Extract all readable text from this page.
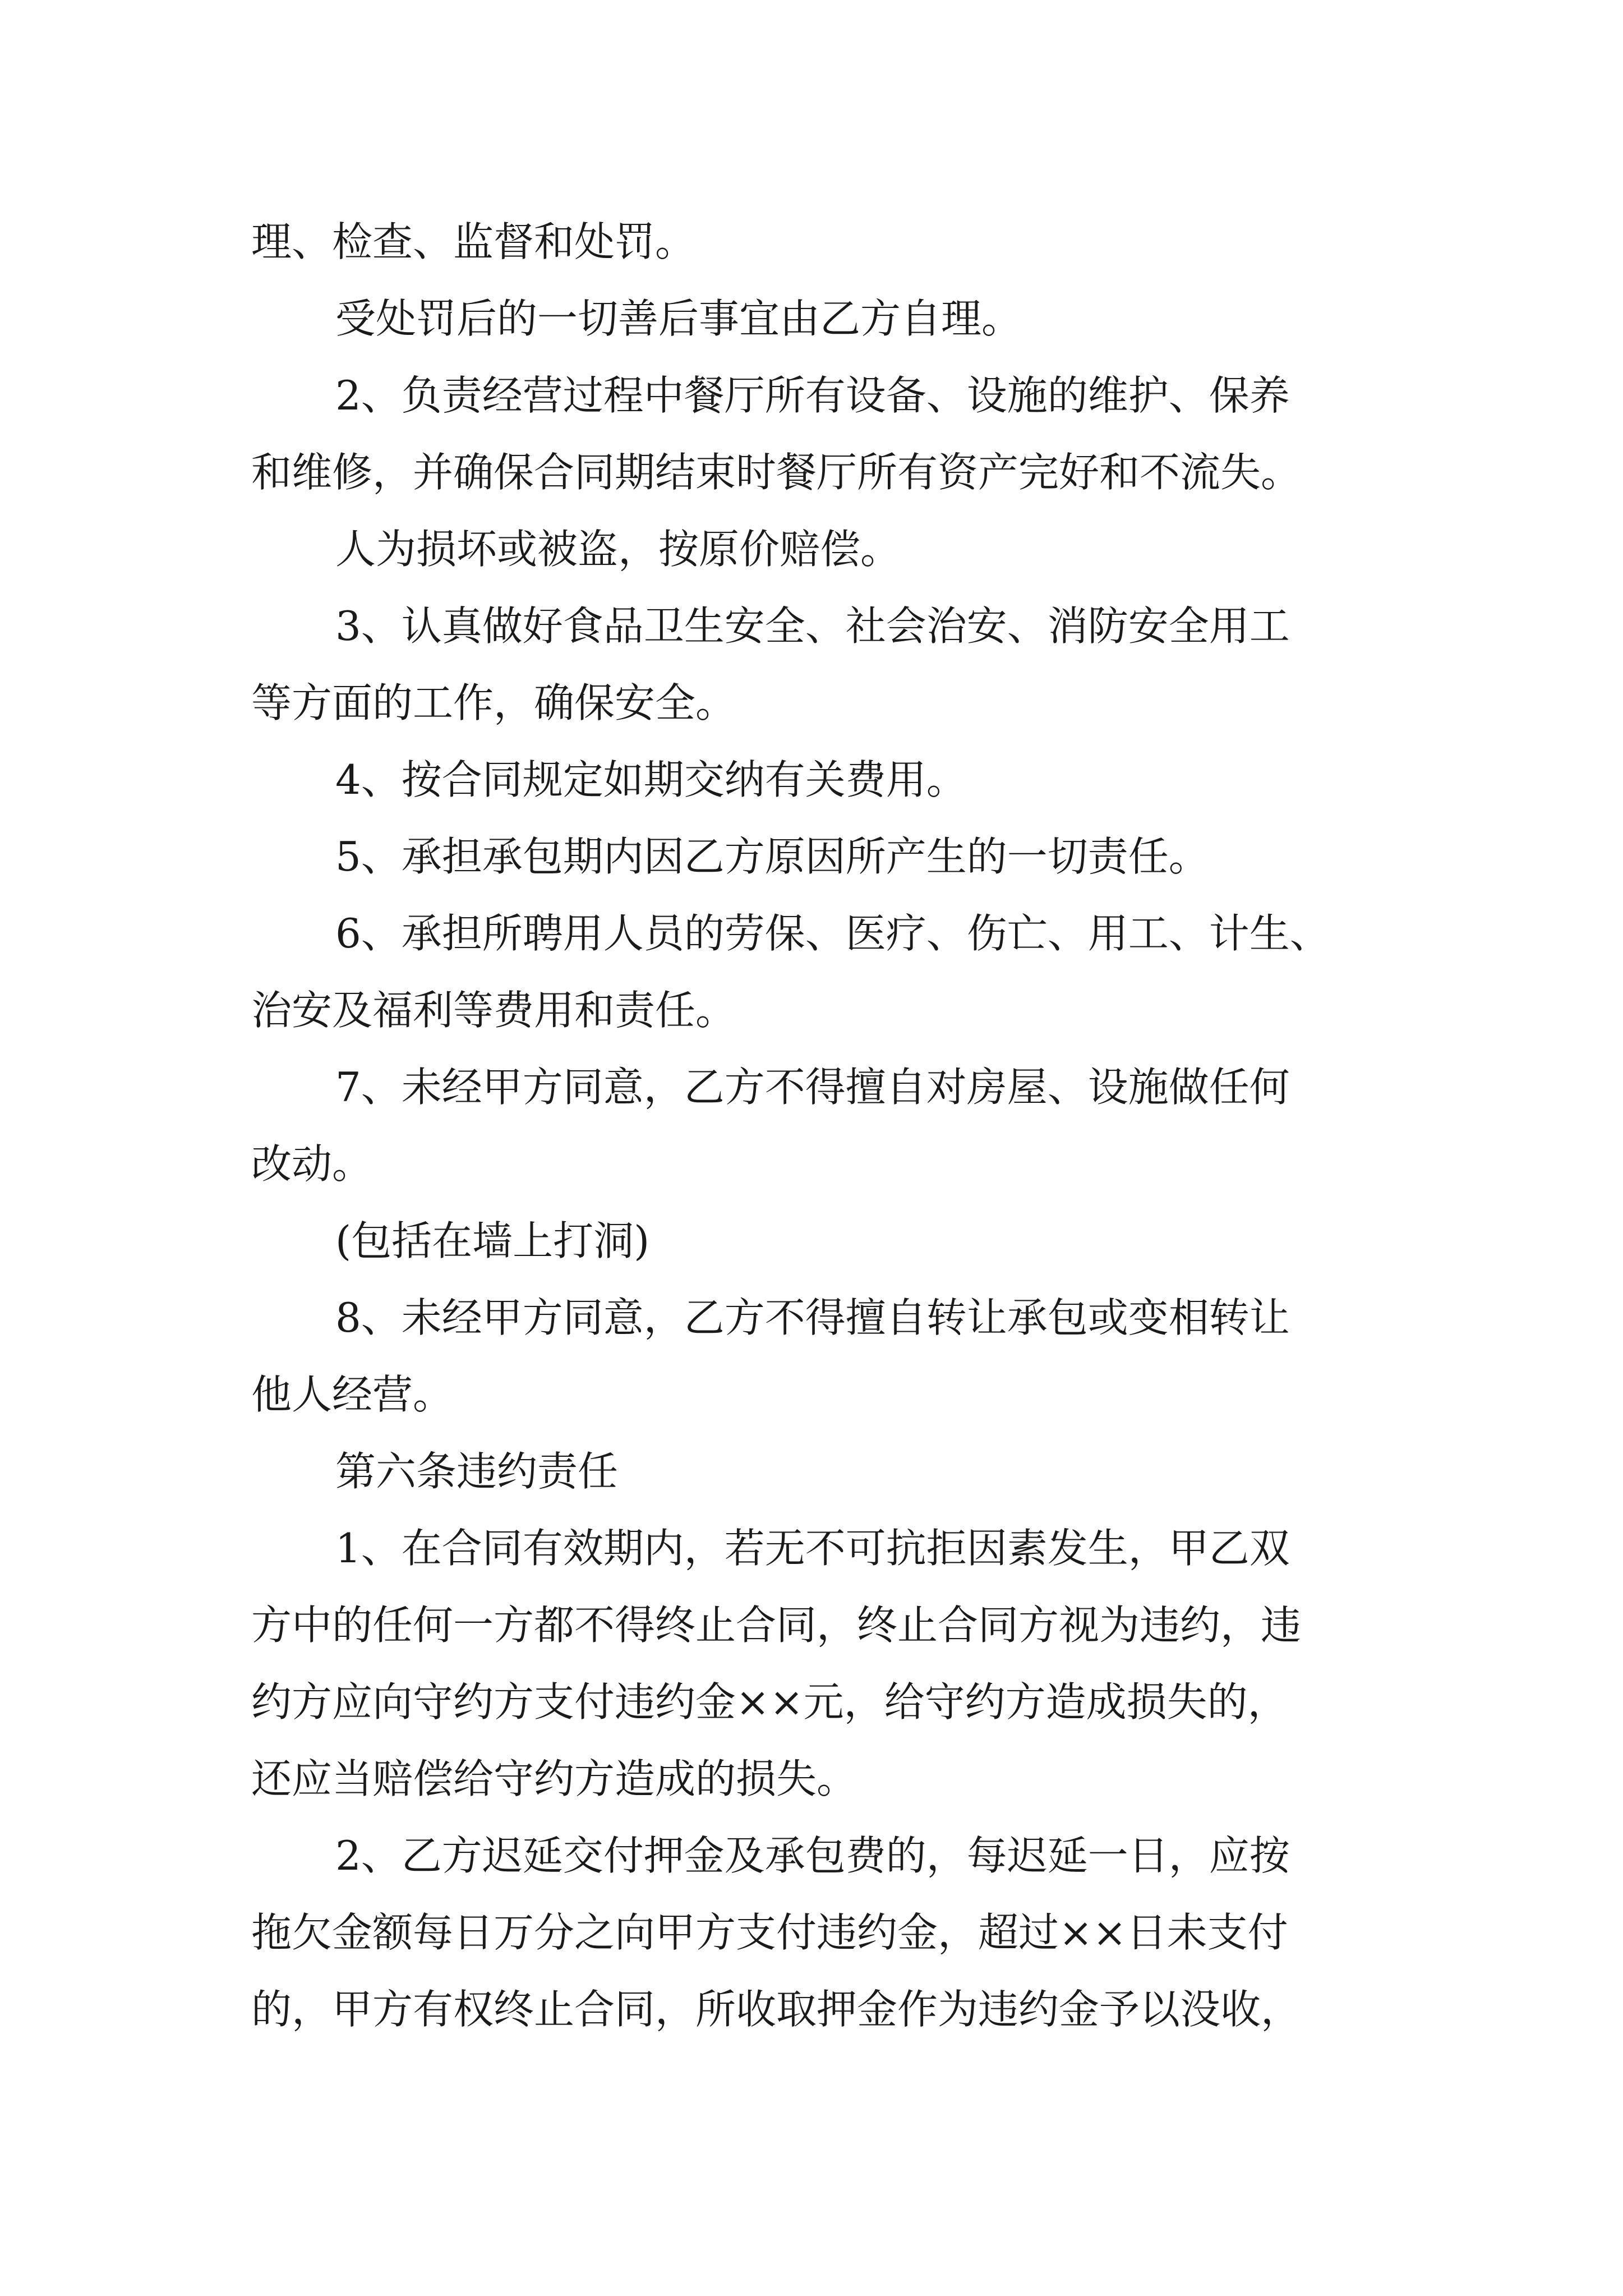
理、检查、监督和处罚。
受处罚后的一切善后事宜由乙方自理。
2、负责经营过程中餐厅所有设备、设施的维护、保养
和维修，并确保合同期结束时餐厅所有资产完好和不流失。
人为损坏或被盗，按原价赔偿。
3、认真做好食品卫生安全、社会治安、消防安全用工
等方面的工作，确保安全。
4、按合同规定如期交纳有关费用。
5、承担承包期内因乙方原因所产生的一切责任。
6、承担所聘用人员的劳保、医疗、伤亡、用工、计生、
治安及福利等费用和责任。
7、未经甲方同意，乙方不得擅自对房屋、设施做任何
改动。
(包括在墙上打洞)
8、未经甲方同意，乙方不得擅自转让承包或变相转让
他人经营。
第六条违约责任
1、在合同有效期内，若无不可抗拒因素发生，甲乙双
方中的任何一方都不得终止合同，终止合同方视为违约，违
约方应向守约方支付违约金××元，给守约方造成损失的，
还应当赔偿给守约方造成的损失。
2、乙方迟延交付押金及承包费的，每迟延一日，应按
拖欠金额每日万分之向甲方支付违约金，超过××日未支付
的，甲方有权终止合同，所收取押金作为违约金予以没收，
